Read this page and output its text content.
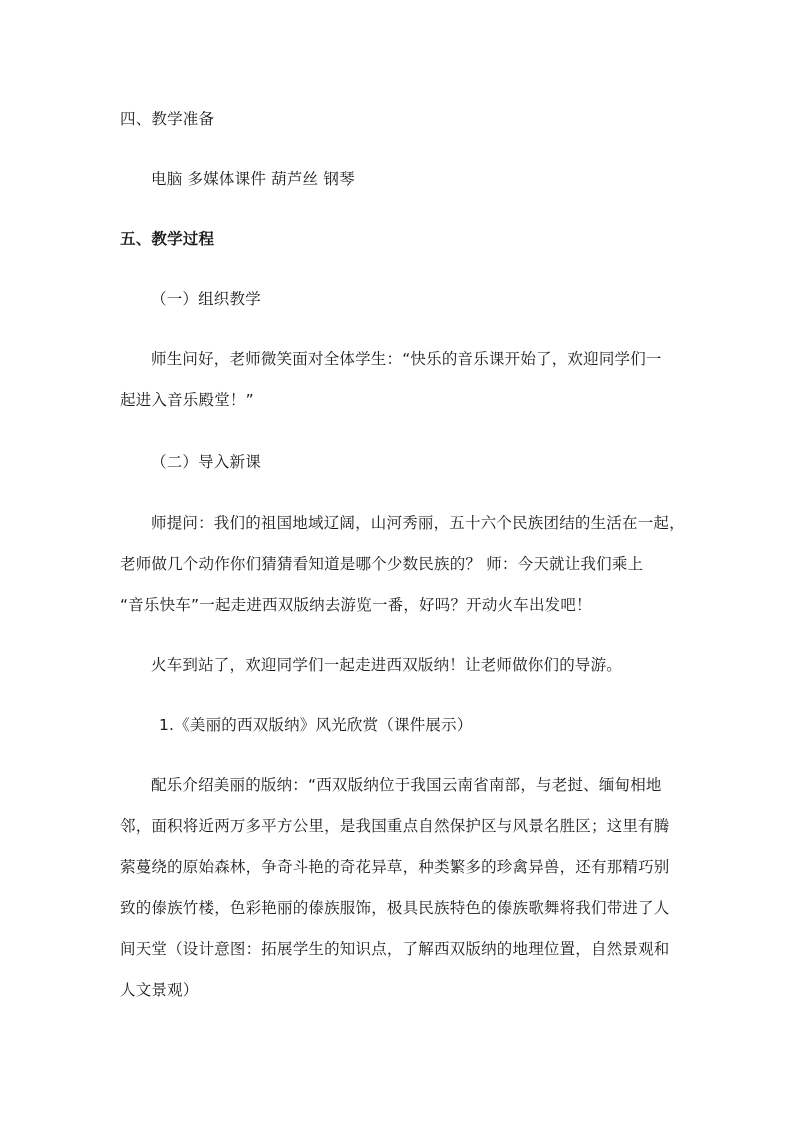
四、教学准备
电脑 多媒体课件 葫芦丝 钢琴
五、教学过程
（一）组织教学
师生问好，老师微笑面对全体学生：“快乐的音乐课开始了，欢迎同学们一
起进入音乐殿堂！”
（二）导入新课
师提问：我们的祖国地域辽阔，山河秀丽，五十六个民族团结的生活在一起，
老师做几个动作你们猜猜看知道是哪个少数民族的？ 师：今天就让我们乘上
“音乐快车”一起走进西双版纳去游览一番，好吗？开动火车出发吧！
火车到站了，欢迎同学们一起走进西双版纳！让老师做你们的导游。
1.《美丽的西双版纳》风光欣赏（课件展示）
配乐介绍美丽的版纳：“西双版纳位于我国云南省南部，与老挝、缅甸相地
邻，面积将近两万多平方公里，是我国重点自然保护区与风景名胜区；这里有腾
萦蔓绕的原始森林，争奇斗艳的奇花异草，种类繁多的珍禽异兽，还有那精巧别
致的傣族竹楼，色彩艳丽的傣族服饰，极具民族特色的傣族歌舞将我们带进了人
间天堂（设计意图：拓展学生的知识点，了解西双版纳的地理位置，自然景观和
人文景观）
